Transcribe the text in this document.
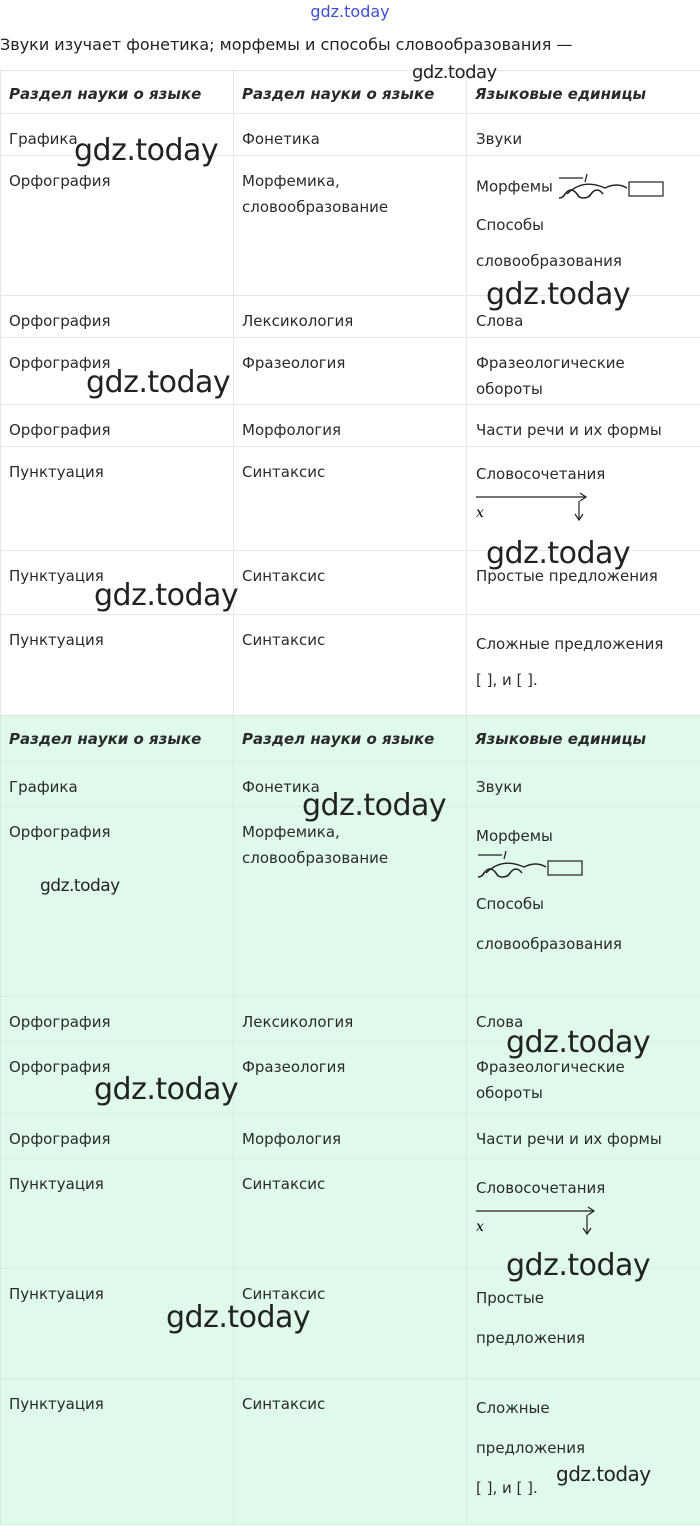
gdz.today
Звуки изучает фонетика; морфемы и способы словообразования —
Раздел науки о языке	Раздел науки о языке	Языковые единицы
Графика	Фонетика	Звуки
Орфография	Морфемика, словообразование	Морфемы
Способы
словообразования

Орфография	Лексикология	Слова
Орфография	Фразеология	Фразеологические обороты
Орфография	Морфология	Части речи и их формы
Пунктуация	Синтаксис	Словосочетания
x

Пунктуация	Синтаксис	Простые предложения
Пунктуация	Синтаксис	Сложные предложения
[ ], и [ ].
Раздел науки о языке	Раздел науки о языке	Языковые единицы
Графика	Фонетика	Звуки
Орфография	Морфемика, словообразование	Морфемы
Способы
словообразования

Орфография	Лексикология	Слова
Орфография	Фразеология	Фразеологические обороты
Орфография	Морфология	Части речи и их формы
Пунктуация	Синтаксис	Словосочетания
x

Пунктуация	Синтаксис	Простые
предложения

Пунктуация	Синтаксис	Сложные
предложения
[ ], и [ ].
gdz.today
gdz.today
gdz.today
gdz.today
gdz.today
gdz.today
gdz.today
gdz.today
gdz.today
gdz.today
gdz.today
gdz.today
gdz.today
